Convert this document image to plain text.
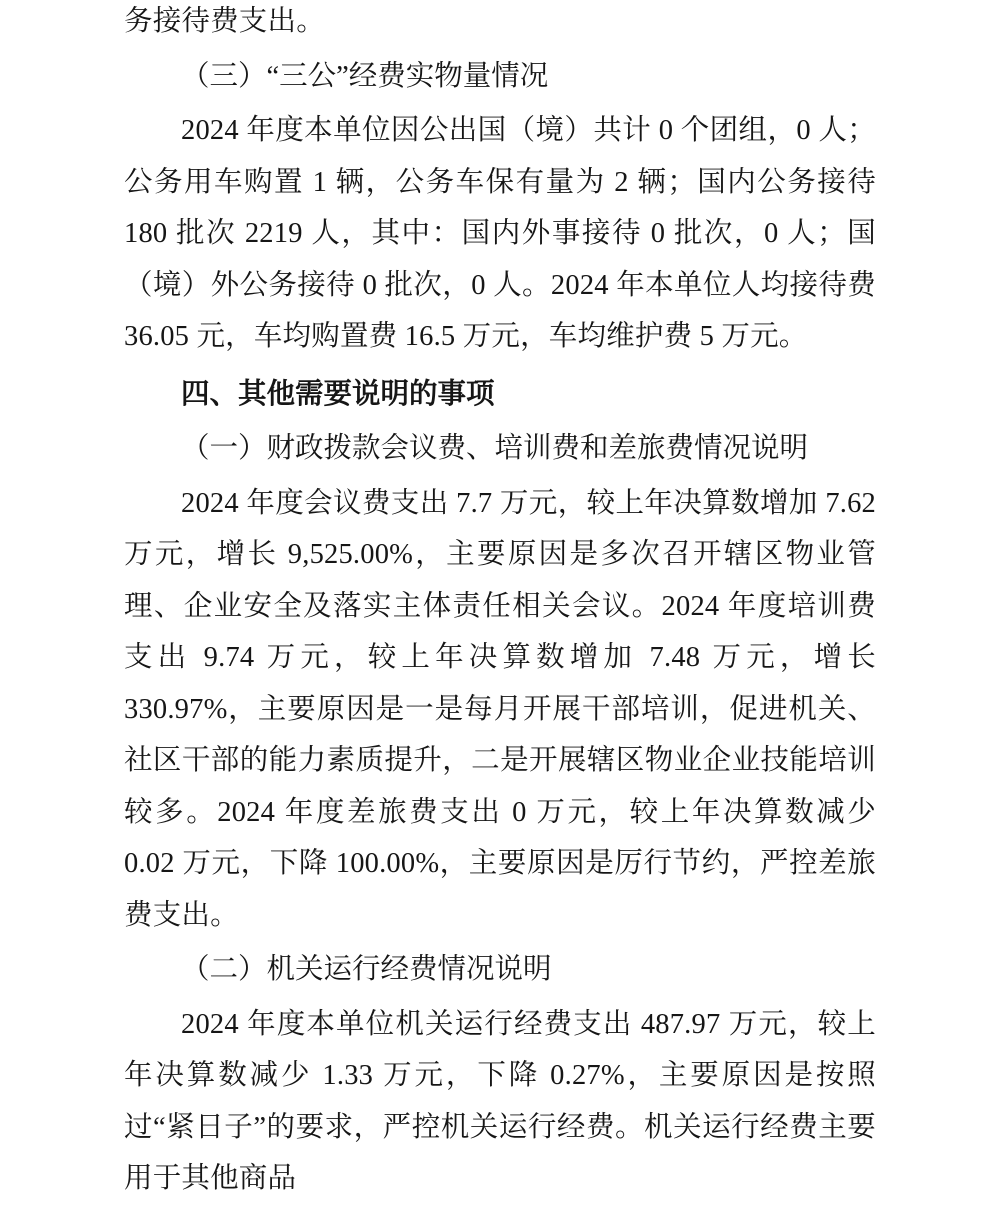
务接待费支出。

（三）“三公”经费实物量情况

2024 年度本单位因公出国（境）共计 0 个团组，0 人；公务用车购置 1 辆，公务车保有量为 2 辆；国内公务接待 180 批次 2219 人，其中：国内外事接待 0 批次，0 人；国（境）外公务接待 0 批次，0 人。2024 年本单位人均接待费 36.05 元，车均购置费 16.5 万元，车均维护费 5 万元。

四、其他需要说明的事项

（一）财政拨款会议费、培训费和差旅费情况说明

2024 年度会议费支出 7.7 万元，较上年决算数增加 7.62 万元，增长 9,525.00%，主要原因是多次召开辖区物业管理、企业安全及落实主体责任相关会议。2024 年度培训费支出 9.74 万元，较上年决算数增加 7.48 万元，增长 330.97%，主要原因是一是每月开展干部培训，促进机关、社区干部的能力素质提升，二是开展辖区物业企业技能培训较多。2024 年度差旅费支出 0 万元，较上年决算数减少 0.02 万元，下降 100.00%，主要原因是厉行节约，严控差旅费支出。

（二）机关运行经费情况说明

2024 年度本单位机关运行经费支出 487.97 万元，较上年决算数减少 1.33 万元，下降 0.27%，主要原因是按照过“紧日子”的要求，严控机关运行经费。机关运行经费主要用于其他商品
